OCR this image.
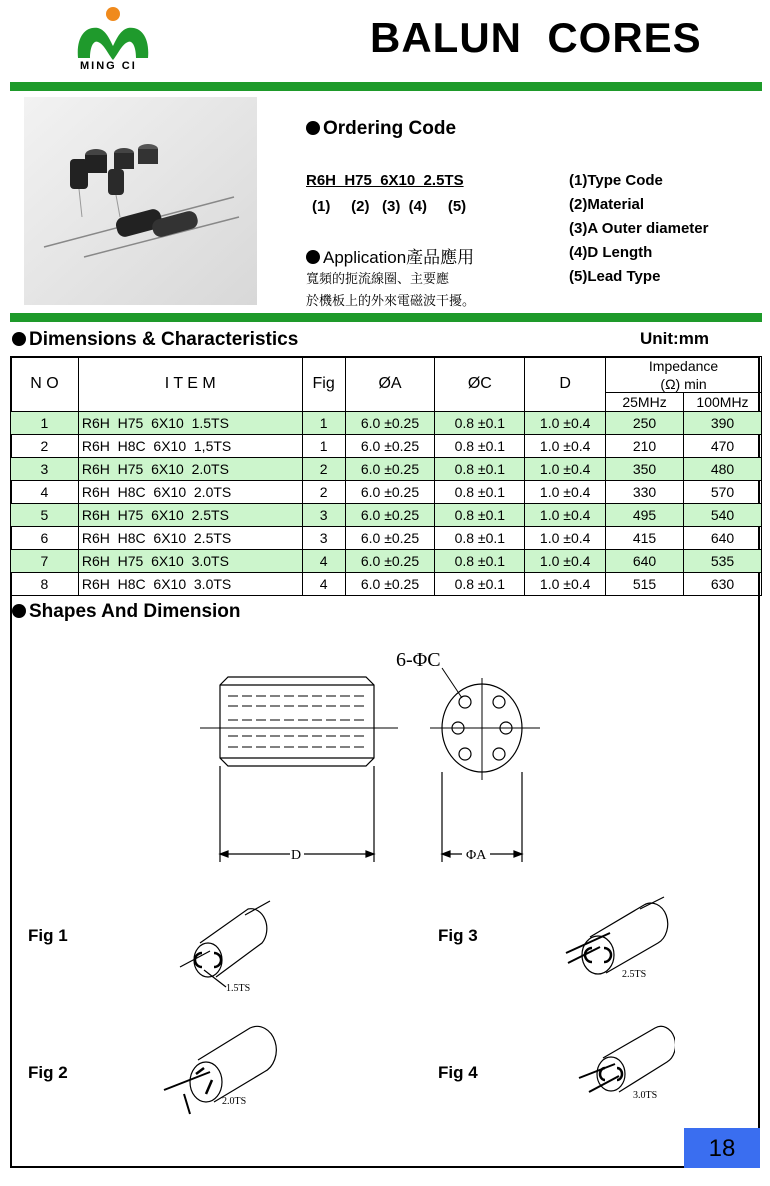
MING CI
BALUN  CORES
Ordering Code
R6H  H75  6X10  2.5TS
(1)     (2)   (3)  (4)     (5)
(1)Type Code
(2)Material
(3)A Outer diameter
(4)D Length
(5)Lead Type
Application產品應用
寬頻的扼流線圈、主要應
於機板上的外來電磁波干擾。
Dimensions & Characteristics	Unit:mm
N O	I T E M	Fig	ØA	ØC	D	Impedance	
						(Ω) min	
						25MHz	100MHz
1	R6H  H75  6X10  1.5TS	1	6.0 ±0.25	0.8 ±0.1	1.0 ±0.4	250	390
2	R6H  H8C  6X10  1,5TS	1	6.0 ±0.25	0.8 ±0.1	1.0 ±0.4	210	470
3	R6H  H75  6X10  2.0TS	2	6.0 ±0.25	0.8 ±0.1	1.0 ±0.4	350	480
4	R6H  H8C  6X10  2.0TS	2	6.0 ±0.25	0.8 ±0.1	1.0 ±0.4	330	570
5	R6H  H75  6X10  2.5TS	3	6.0 ±0.25	0.8 ±0.1	1.0 ±0.4	495	540
6	R6H  H8C  6X10  2.5TS	3	6.0 ±0.25	0.8 ±0.1	1.0 ±0.4	415	640
7	R6H  H75  6X10  3.0TS	4	6.0 ±0.25	0.8 ±0.1	1.0 ±0.4	640	535
8	R6H  H8C  6X10  3.0TS	4	6.0 ±0.25	0.8 ±0.1	1.0 ±0.4	515	630
Shapes And Dimension
D
6-ΦC
ΦA
Fig 1
Fig 2
Fig 3
Fig 4
1.5TS
2.0TS
2.5TS
3.0TS
18
